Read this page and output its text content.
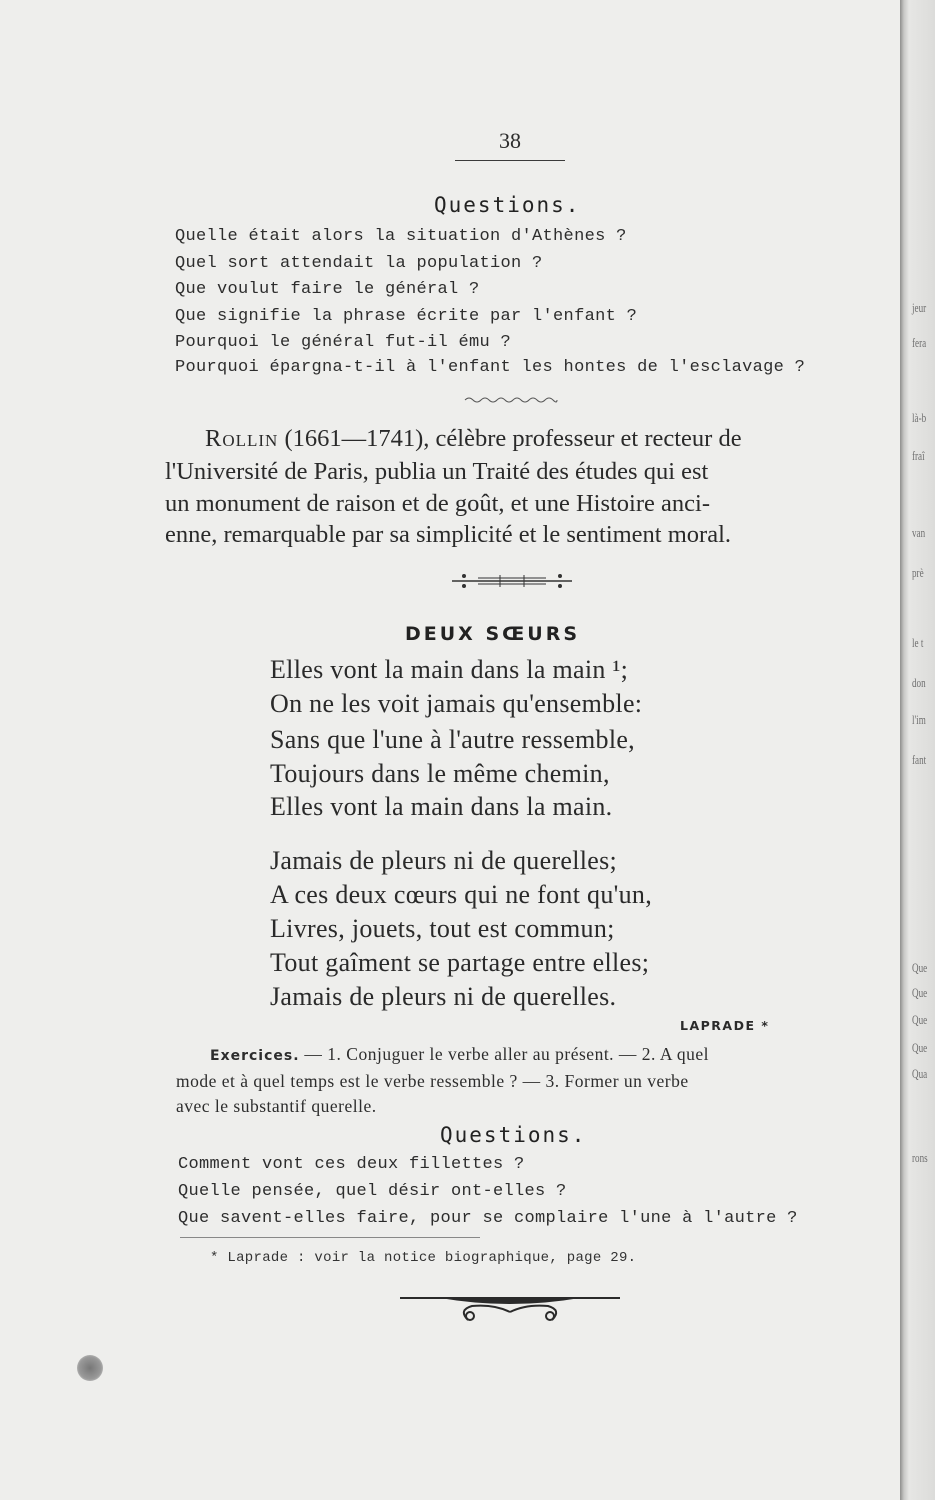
38
Questions.
Quelle était alors la situation d'Athènes ?
Quel sort attendait la population ?
Que voulut faire le général ?
Que signifie la phrase écrite par l'enfant ?
Pourquoi le général fut-il ému ?
Pourquoi épargna-t-il à l'enfant les hontes de l'esclavage ?
Rollin (1661—1741), célèbre professeur et recteur de
l'Université de Paris, publia un Traité des études qui est
un monument de raison et de goût, et une Histoire anci-
enne, remarquable par sa simplicité et le sentiment moral.
DEUX SŒURS
Elles vont la main dans la main ¹;
On ne les voit jamais qu'ensemble:
Sans que l'une à l'autre ressemble,
Toujours dans le même chemin,
Elles vont la main dans la main.
Jamais de pleurs ni de querelles;
A ces deux cœurs qui ne font qu'un,
Livres, jouets, tout est commun;
Tout gaîment se partage entre elles;
Jamais de pleurs ni de querelles.
LAPRADE *
Exercices. — 1. Conjuguer le verbe aller au présent. — 2. A quel
mode et à quel temps est le verbe ressemble ? — 3. Former un verbe
avec le substantif querelle.
Questions.
Comment vont ces deux fillettes ?
Quelle pensée, quel désir ont-elles ?
Que savent-elles faire, pour se complaire l'une à l'autre ?
* Laprade : voir la notice biographique, page 29.
jeur
fera
là-b
fraî
van
prè
le t
don
l'im
fant
Que
Que
Que
Que
Qua
rons
